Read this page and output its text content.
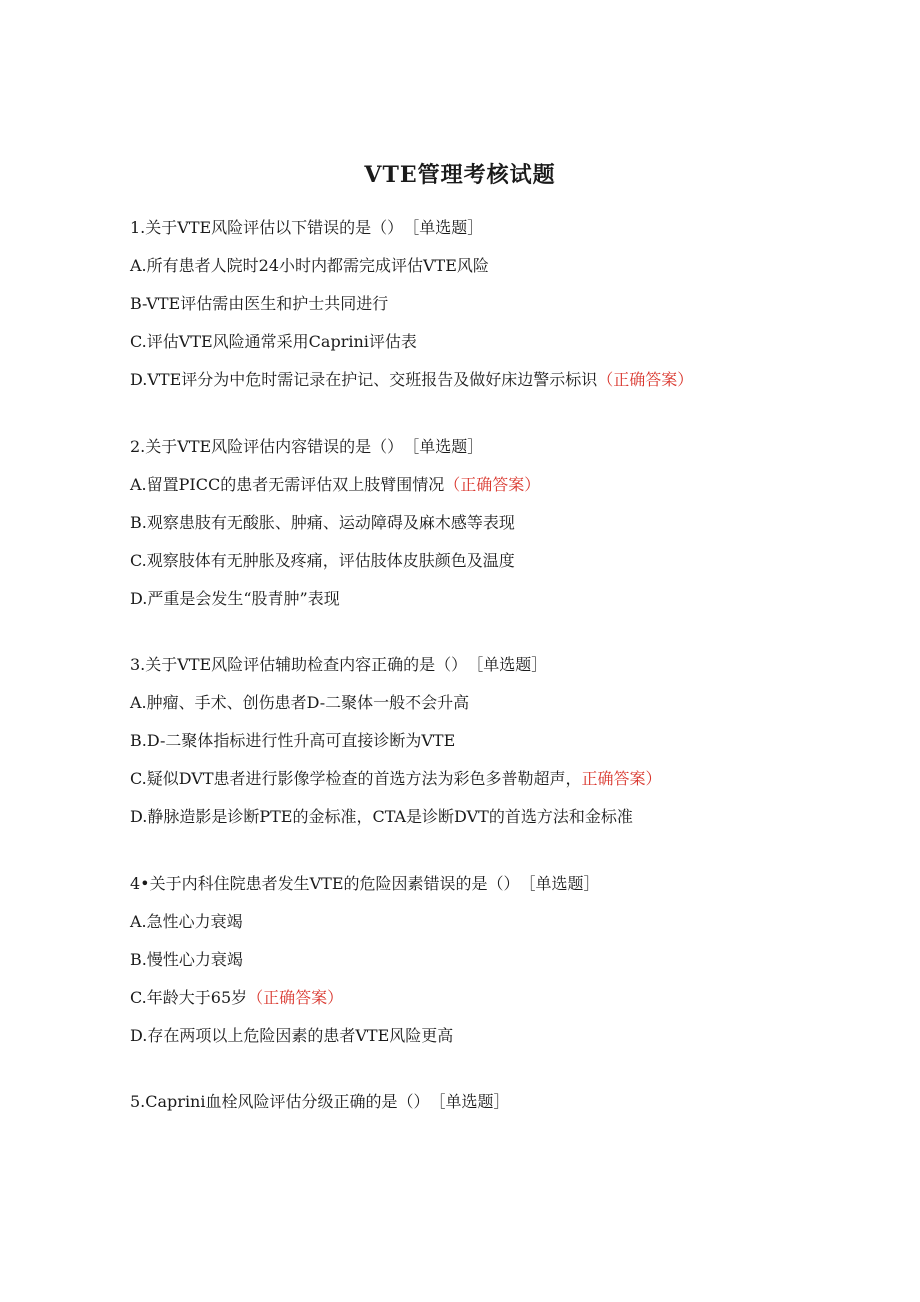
VTE管理考核试题
1.关于VTE风险评估以下错误的是（） ［单选题］
A.所有患者人院时24小时内都需完成评估VTE风险
B-VTE评估需由医生和护士共同进行
C.评估VTE风险通常采用Caprini评估表
D.VTE评分为中危时需记录在护记、交班报告及做好床边警示标识（正确答案）
2.关于VTE风险评估内容错误的是（） ［单选题］
A.留置PICC的患者无需评估双上肢臂围情况（正确答案）
B.观察患肢有无酸胀、肿痛、运动障碍及麻木感等表现
C.观察肢体有无肿胀及疼痛，评估肢体皮肤颜色及温度
D.严重是会发生“股青肿”表现
3.关于VTE风险评估辅助检查内容正确的是（） ［单选题］
A.肿瘤、手术、创伤患者D-二聚体一般不会升高
B.D-二聚体指标进行性升高可直接诊断为VTE
C.疑似DVT患者进行影像学检查的首选方法为彩色多普勒超声，正确答案）
D.静脉造影是诊断PTE的金标准，CTA是诊断DVT的首选方法和金标准
4•关于内科住院患者发生VTE的危险因素错误的是（） ［单选题］
A.急性心力衰竭
B.慢性心力衰竭
C.年龄大于65岁（正确答案）
D.存在两项以上危险因素的患者VTE风险更高
5.Caprini血栓风险评估分级正确的是（） ［单选题］
